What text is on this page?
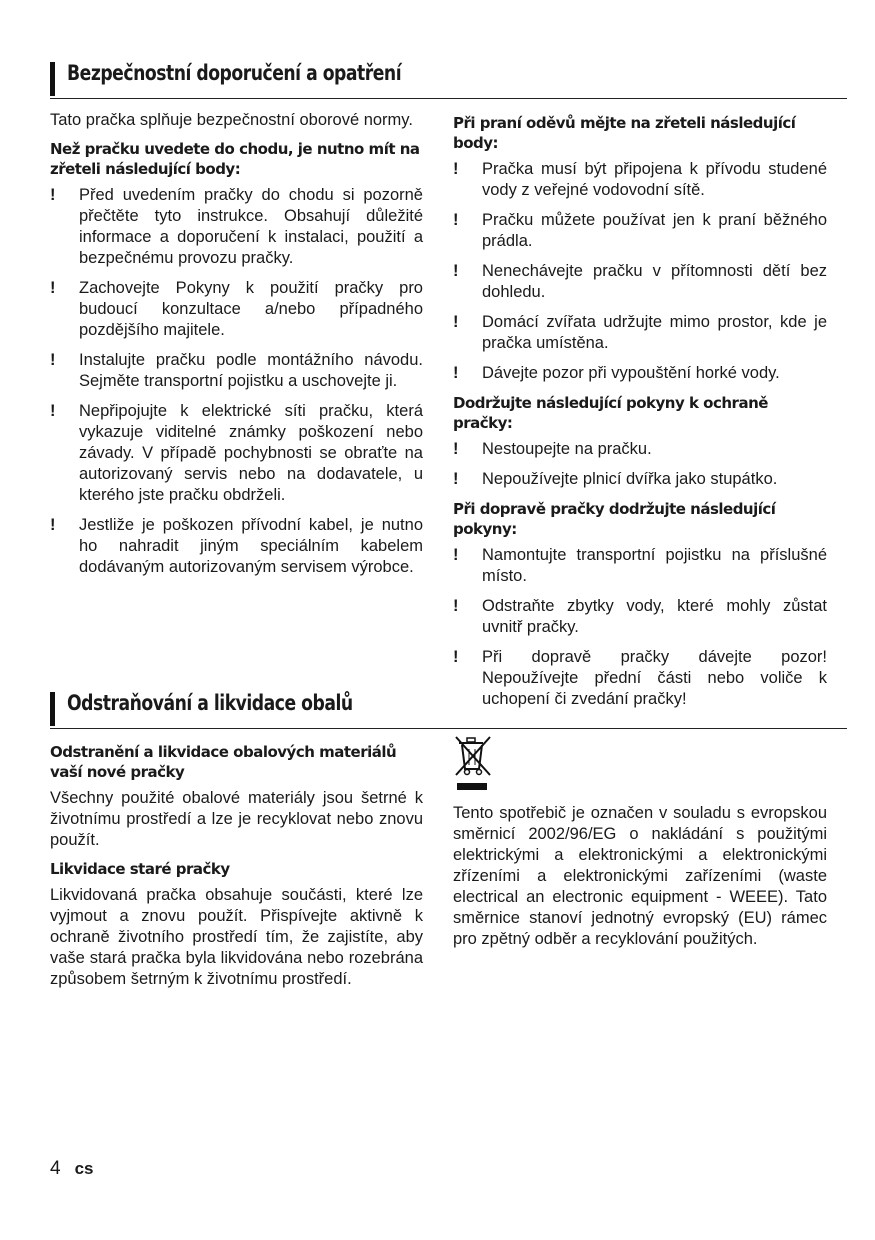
Bezpečnostní doporučení a opatření

Tato pračka splňuje bezpečnostní oborové normy.

Než pračku uvedete do chodu, je nutno mít na zřeteli následující body:
! Před uvedením pračky do chodu si pozorně přečtěte tyto instrukce. Obsahují důležité informace a doporučení k instalaci, použití a bezpečnému provozu pračky.
! Zachovejte Pokyny k použití pračky pro budoucí konzultace a/nebo případného pozdějšího majitele.
! Instalujte pračku podle montážního návodu. Sejměte transportní pojistku a uschovejte ji.
! Nepřipojujte k elektrické síti pračku, která vykazuje viditelné známky poškození nebo závady. V případě pochybnosti se obraťte na autorizovaný servis nebo na dodavatele, u kterého jste pračku obdrželi.
! Jestliže je poškozen přívodní kabel, je nutno ho nahradit jiným speciálním kabelem dodávaným autorizovaným servisem výrobce.
Při praní oděvů mějte na zřeteli následující body:
! Pračka musí být připojena k přívodu studené vody z veřejné vodovodní sítě.
! Pračku můžete používat jen k praní běžného prádla.
! Nenechávejte pračku v přítomnosti dětí bez dohledu.
! Domácí zvířata udržujte mimo prostor, kde je pračka umístěna.
! Dávejte pozor při vypouštění horké vody.
Dodržujte následující pokyny k ochraně pračky:
! Nestoupejte na pračku.
! Nepoužívejte plnicí dvířka jako stupátko.
Při dopravě pračky dodržujte následující pokyny:
! Namontujte transportní pojistku na příslušné místo.
! Odstraňte zbytky vody, které mohly zůstat uvnitř pračky.
! Při dopravě pračky dávejte pozor! Nepoužívejte přední části nebo voliče k uchopení či zvedání pračky!
Odstraňování a likvidace obalů
Odstranění a likvidace obalových materiálů vaší nové pračky

Všechny použité obalové materiály jsou šetrné k životnímu prostředí a lze je recyklovat nebo znovu použít.

Likvidace staré pračky

Likvidovaná pračka obsahuje součásti, které lze vyjmout a znovu použít. Přispívejte aktivně k ochraně životního prostředí tím, že zajistíte, aby vaše stará pračka byla likvidována nebo rozebrána způsobem šetrným k životnímu prostředí.

Tento spotřebič je označen v souladu s evropskou směrnicí 2002/96/EG o nakládání s použitými elektrickými a elektronickými a elektronickými zřízeními a elektronickými zařízeními (waste electrical an electronic equipment - WEEE). Tato směrnice stanoví jednotný evropský (EU) rámec pro zpětný odběr a recyklování použitých.

4 cs
